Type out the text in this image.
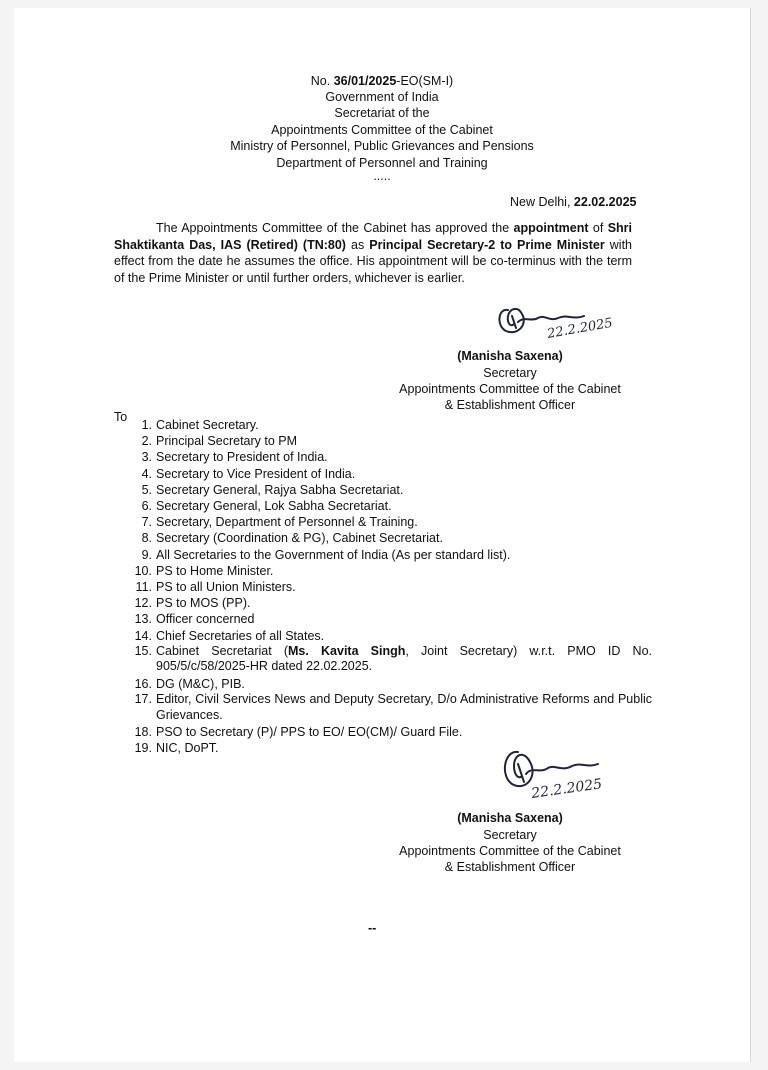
No. 36/01/2025-EO(SM-I)
Government of India
Secretariat of the
Appointments Committee of the Cabinet
Ministry of Personnel, Public Grievances and Pensions
Department of Personnel and Training
.....
New Delhi, 22.02.2025
The Appointments Committee of the Cabinet has approved the appointment of Shri Shaktikanta Das, IAS (Retired) (TN:80) as Principal Secretary-2 to Prime Minister with effect from the date he assumes the office. His appointment will be co-terminus with the term of the Prime Minister or until further orders, whichever is earlier.
22.2.2025
(Manisha Saxena)
Secretary
Appointments Committee of the Cabinet
& Establishment Officer
To
1. Cabinet Secretary.
2. Principal Secretary to PM
3. Secretary to President of India.
4. Secretary to Vice President of India.
5. Secretary General, Rajya Sabha Secretariat.
6. Secretary General, Lok Sabha Secretariat.
7. Secretary, Department of Personnel & Training.
8. Secretary (Coordination & PG), Cabinet Secretariat.
9. All Secretaries to the Government of India (As per standard list).
10. PS to Home Minister.
11. PS to all Union Ministers.
12. PS to MOS (PP).
13. Officer concerned
14. Chief Secretaries of all States.
15. Cabinet Secretariat (Ms. Kavita Singh, Joint Secretary) w.r.t. PMO ID No. 905/5/c/58/2025-HR dated 22.02.2025.
16. DG (M&C), PIB.
17. Editor, Civil Services News and Deputy Secretary, D/o Administrative Reforms and Public Grievances.
18. PSO to Secretary (P)/ PPS to EO/ EO(CM)/ Guard File.
19. NIC, DoPT.
22.2.2025
(Manisha Saxena)
Secretary
Appointments Committee of the Cabinet
& Establishment Officer
--
